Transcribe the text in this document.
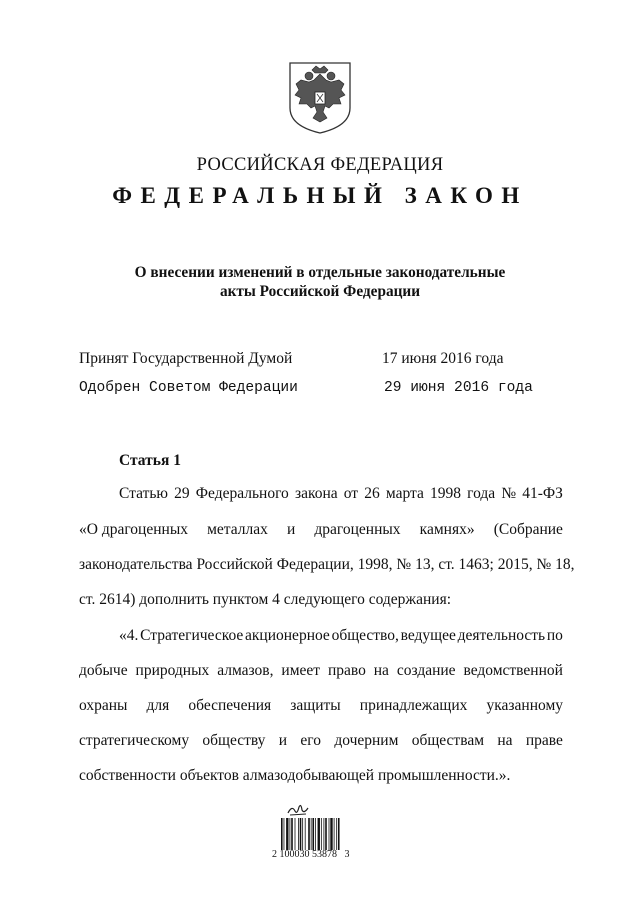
РОССИЙСКАЯ ФЕДЕРАЦИЯ
ФЕДЕРАЛЬНЫЙ ЗАКОН
О внесении изменений в отдельные законодательные
акты Российской Федерации
Принят Государственной Думой	17 июня 2016 года
Одобрен Советом Федерации	29 июня 2016 года
Статья 1
Статью 29 Федерального закона от 26 марта 1998 года № 41-ФЗ
«О драгоценных металлах и драгоценных камнях» (Собрание
законодательства Российской Федерации, 1998, № 13, ст. 1463; 2015, № 18,
ст. 2614) дополнить пунктом 4 следующего содержания:
«4. Стратегическое акционерное общество, ведущее деятельность по
добыче природных алмазов, имеет право на создание ведомственной
охраны для обеспечения защиты принадлежащих указанному
стратегическому обществу и его дочерним обществам на праве
собственности объектов алмазодобывающей промышленности.».
2 100030 53878   3
